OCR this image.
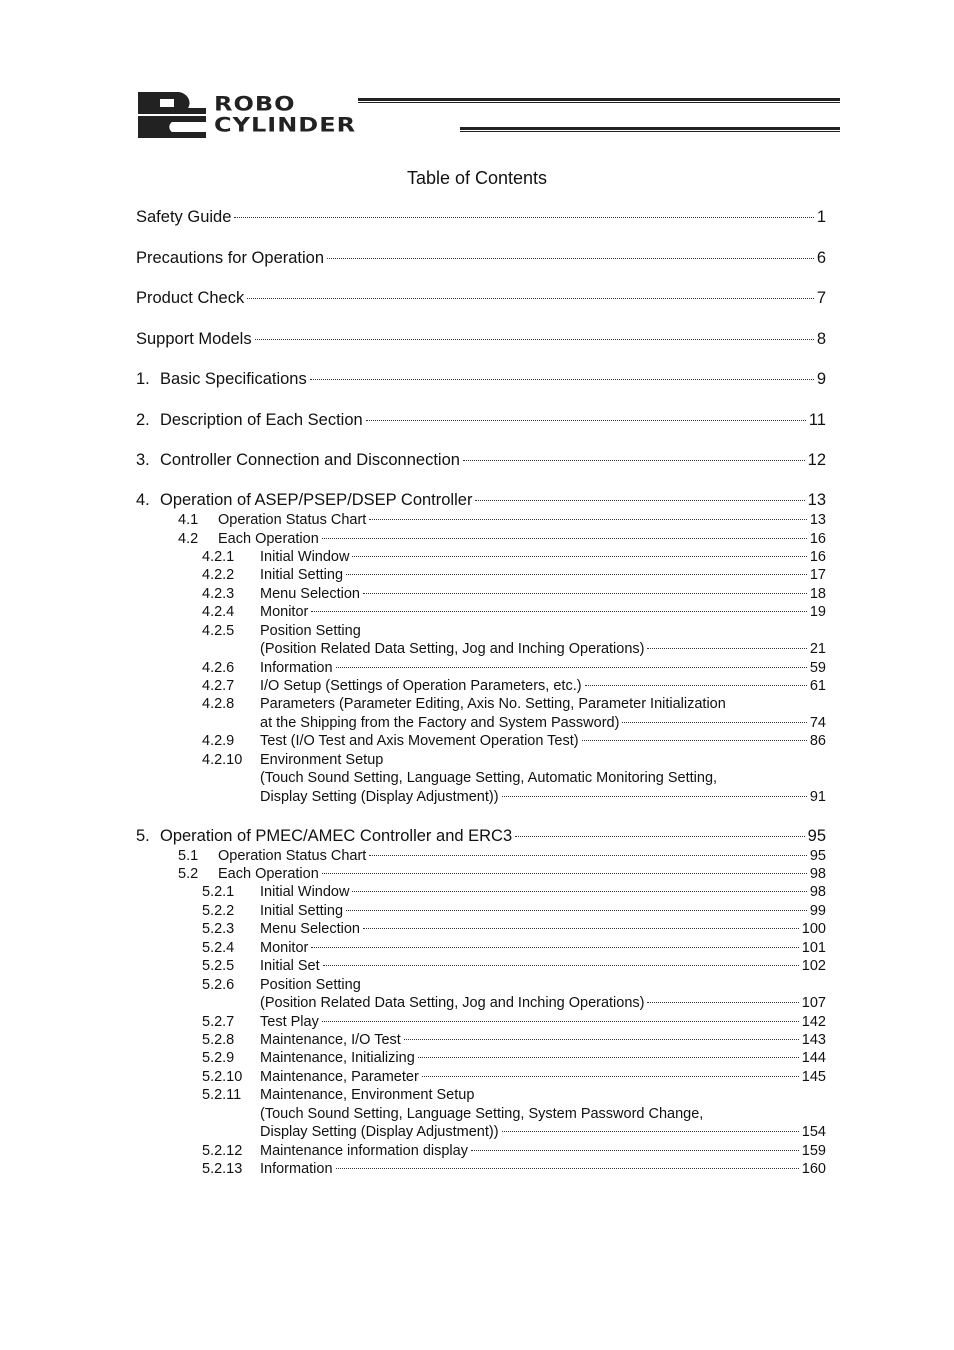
ROBO
CYLINDER
Table of Contents
Safety Guide	1
Precautions for Operation	6
Product Check	7
Support Models	8
1. Basic Specifications	9
2. Description of Each Section	11
3. Controller Connection and Disconnection	12
4. Operation of ASEP/PSEP/DSEP Controller	13
4.1	Operation Status Chart	13
4.2	Each Operation	16
4.2.1	Initial Window	16
4.2.2	Initial Setting	17
4.2.3	Menu Selection	18
4.2.4	Monitor	19
4.2.5	Position Setting
(Position Related Data Setting, Jog and Inching Operations)	21
4.2.6	Information	59
4.2.7	I/O Setup (Settings of Operation Parameters, etc.)	61
4.2.8	Parameters (Parameter Editing, Axis No. Setting, Parameter Initialization
at the Shipping from the Factory and System Password)	74
4.2.9	Test (I/O Test and Axis Movement Operation Test)	86
4.2.10	Environment Setup
(Touch Sound Setting, Language Setting, Automatic Monitoring Setting,
Display Setting (Display Adjustment))	91
5. Operation of PMEC/AMEC Controller and ERC3	95
5.1	Operation Status Chart	95
5.2	Each Operation	98
5.2.1	Initial Window	98
5.2.2	Initial Setting	99
5.2.3	Menu Selection	100
5.2.4	Monitor	101
5.2.5	Initial Set	102
5.2.6	Position Setting
(Position Related Data Setting, Jog and Inching Operations)	107
5.2.7	Test Play	142
5.2.8	Maintenance, I/O Test	143
5.2.9	Maintenance, Initializing	144
5.2.10	Maintenance, Parameter	145
5.2.11	Maintenance, Environment Setup
(Touch Sound Setting, Language Setting, System Password Change,
Display Setting (Display Adjustment))	154
5.2.12	Maintenance information display	159
5.2.13	Information	160
